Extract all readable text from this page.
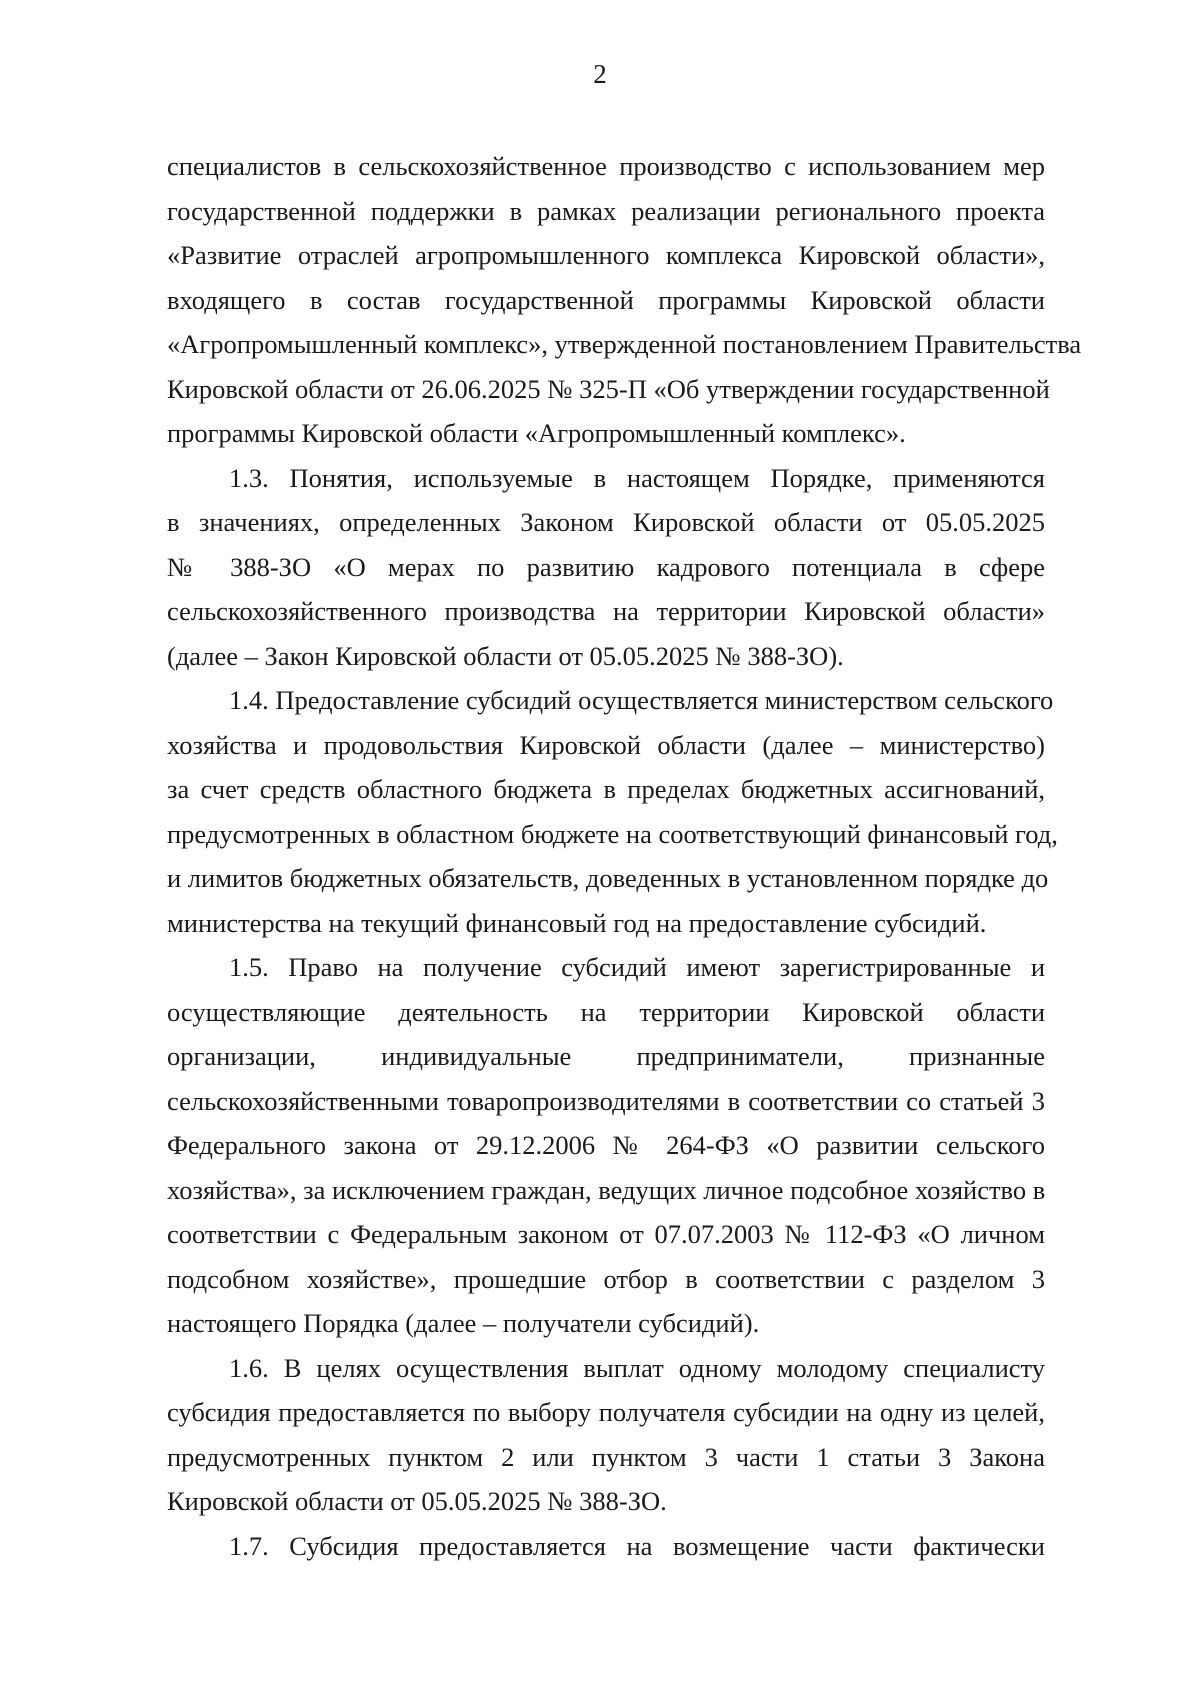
2

специалистов в сельскохозяйственное производство с использованием мер
государственной поддержки в рамках реализации регионального проекта
«Развитие отраслей агропромышленного комплекса Кировской области»,
входящего в состав государственной программы Кировской области
«Агропромышленный комплекс», утвержденной постановлением Правительства
Кировской области от 26.06.2025 № 325-П «Об утверждении государственной
программы Кировской области «Агропромышленный комплекс».

1.3. Понятия, используемые в настоящем Порядке, применяются
в значениях, определенных Законом Кировской области от 05.05.2025
№ 388-ЗО «О мерах по развитию кадрового потенциала в сфере
сельскохозяйственного производства на территории Кировской области»
(далее – Закон Кировской области от 05.05.2025 № 388-ЗО).

1.4. Предоставление субсидий осуществляется министерством сельского
хозяйства и продовольствия Кировской области (далее – министерство)
за счет средств областного бюджета в пределах бюджетных ассигнований,
предусмотренных в областном бюджете на соответствующий финансовый год,
и лимитов бюджетных обязательств, доведенных в установленном порядке до
министерства на текущий финансовый год на предоставление субсидий.

1.5. Право на получение субсидий имеют зарегистрированные и
осуществляющие деятельность на территории Кировской области
организации, индивидуальные предприниматели, признанные
сельскохозяйственными товаропроизводителями в соответствии со статьей 3
Федерального закона от 29.12.2006 № 264-ФЗ «О развитии сельского
хозяйства», за исключением граждан, ведущих личное подсобное хозяйство в
соответствии с Федеральным законом от 07.07.2003 № 112-ФЗ «О личном
подсобном хозяйстве», прошедшие отбор в соответствии с разделом 3
настоящего Порядка (далее – получатели субсидий).

1.6. В целях осуществления выплат одному молодому специалисту
субсидия предоставляется по выбору получателя субсидии на одну из целей,
предусмотренных пунктом 2 или пунктом 3 части 1 статьи 3 Закона
Кировской области от 05.05.2025 № 388-ЗО.

1.7. Субсидия предоставляется на возмещение части фактически
